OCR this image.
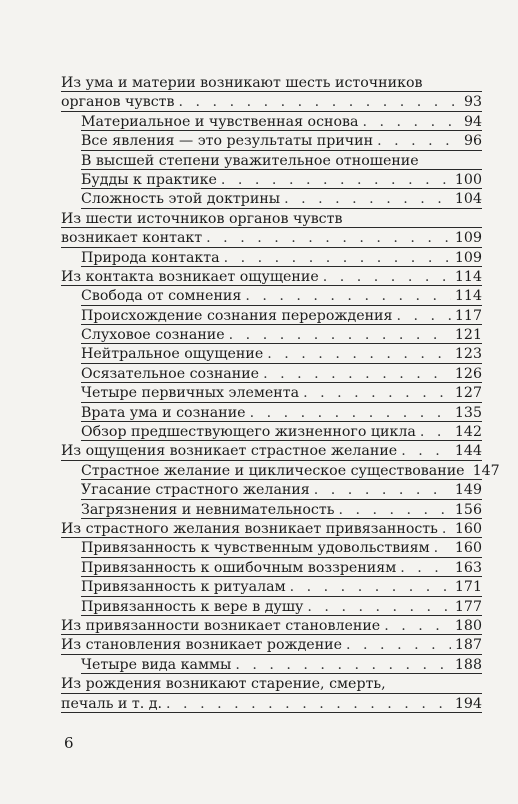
Из ума и материи возникают шесть источников
органов чувств . . .	93
Материальное и чувственная основа . . .	94
Все явления — это результаты причин . . .	96
В высшей степени уважительное отношение
Будды к практике . . .	100
Сложность этой доктрины . . .	104
Из шести источников органов чувств
возникает контакт . . .	109
Природа контакта . . .	109
Из контакта возникает ощущение . . .	114
Свобода от сомнения . . .	114
Происхождение сознания перерождения . . .	117
Слуховое сознание . . .	121
Нейтральное ощущение . . .	123
Осязательное сознание . . .	126
Четыре первичных элемента . . .	127
Врата ума и сознание . . .	135
Обзор предшествующего жизненного цикла . . .	142
Из ощущения возникает страстное желание . . .	144
Страстное желание и циклическое существование 147
Угасание страстного желания . . .	149
Загрязнения и невнимательность . . .	156
Из страстного желания возникает привязанность . . . 160
Привязанность к чувственным удовольствиям . . . 160
Привязанность к ошибочным воззрениям . . .	163
Привязанность к ритуалам . . .	171
Привязанность к вере в душу . . .	177
Из привязанности возникает становление . . .	180
Из становления возникает рождение . . .	187
Четыре вида каммы . . .	188
Из рождения возникают старение, смерть,
печаль и т. д. . . .	194
6
